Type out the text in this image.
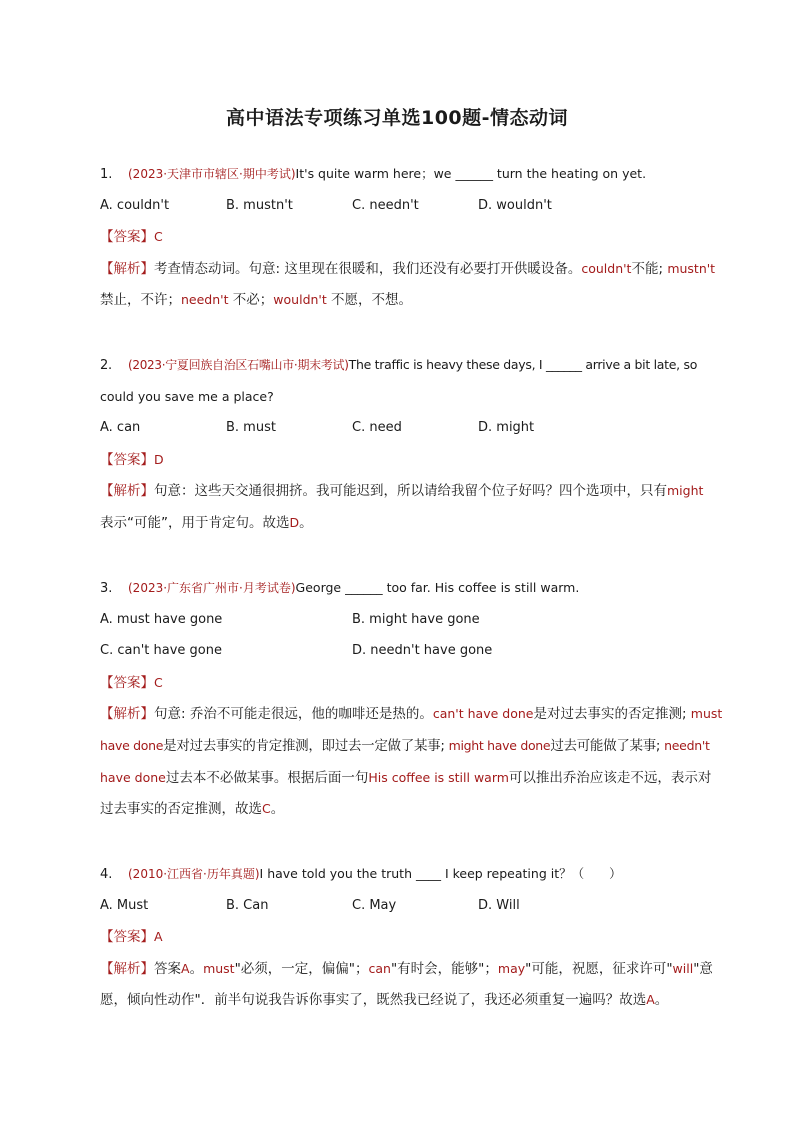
高中语法专项练习单选100题-情态动词
1. (2023·天津市市辖区·期中考试)It's quite warm here；we ______ turn the heating on yet.
A. couldn't	B. mustn't	C. needn't	D. wouldn't
【答案】C
【解析】考查情态动词。句意: 这里现在很暖和，我们还没有必要打开供暖设备。couldn't不能; mustn't
禁止，不许；needn't 不必；wouldn't 不愿，不想。
2. (2023·宁夏回族自治区石嘴山市·期末考试)The traffic is heavy these days, I ______ arrive a bit late, so
could you save me a place?
A. can	B. must	C. need	D. might
【答案】D
【解析】句意：这些天交通很拥挤。我可能迟到，所以请给我留个位子好吗？四个选项中，只有might
表示“可能”，用于肯定句。故选D。
3. (2023·广东省广州市·月考试卷)George ______ too far. His coffee is still warm.
A. must have gone	B. might have gone
C. can't have gone	D. needn't have gone
【答案】C
【解析】句意: 乔治不可能走很远，他的咖啡还是热的。can't have done是对过去事实的否定推测; must
have done是对过去事实的肯定推测，即过去一定做了某事; might have done过去可能做了某事; needn't
have done过去本不必做某事。根据后面一句His coffee is still warm可以推出乔治应该走不远，表示对
过去事实的否定推测，故选C。
4. (2010·江西省·历年真题)I have told you the truth ____ I keep repeating it？（　　）
A. Must	B. Can	C. May	D. Will
【答案】A
【解析】答案A。must"必须，一定，偏偏"；can"有时会，能够"；may"可能，祝愿，征求许可"will"意
愿，倾向性动作"．前半句说我告诉你事实了，既然我已经说了，我还必须重复一遍吗？故选A。
